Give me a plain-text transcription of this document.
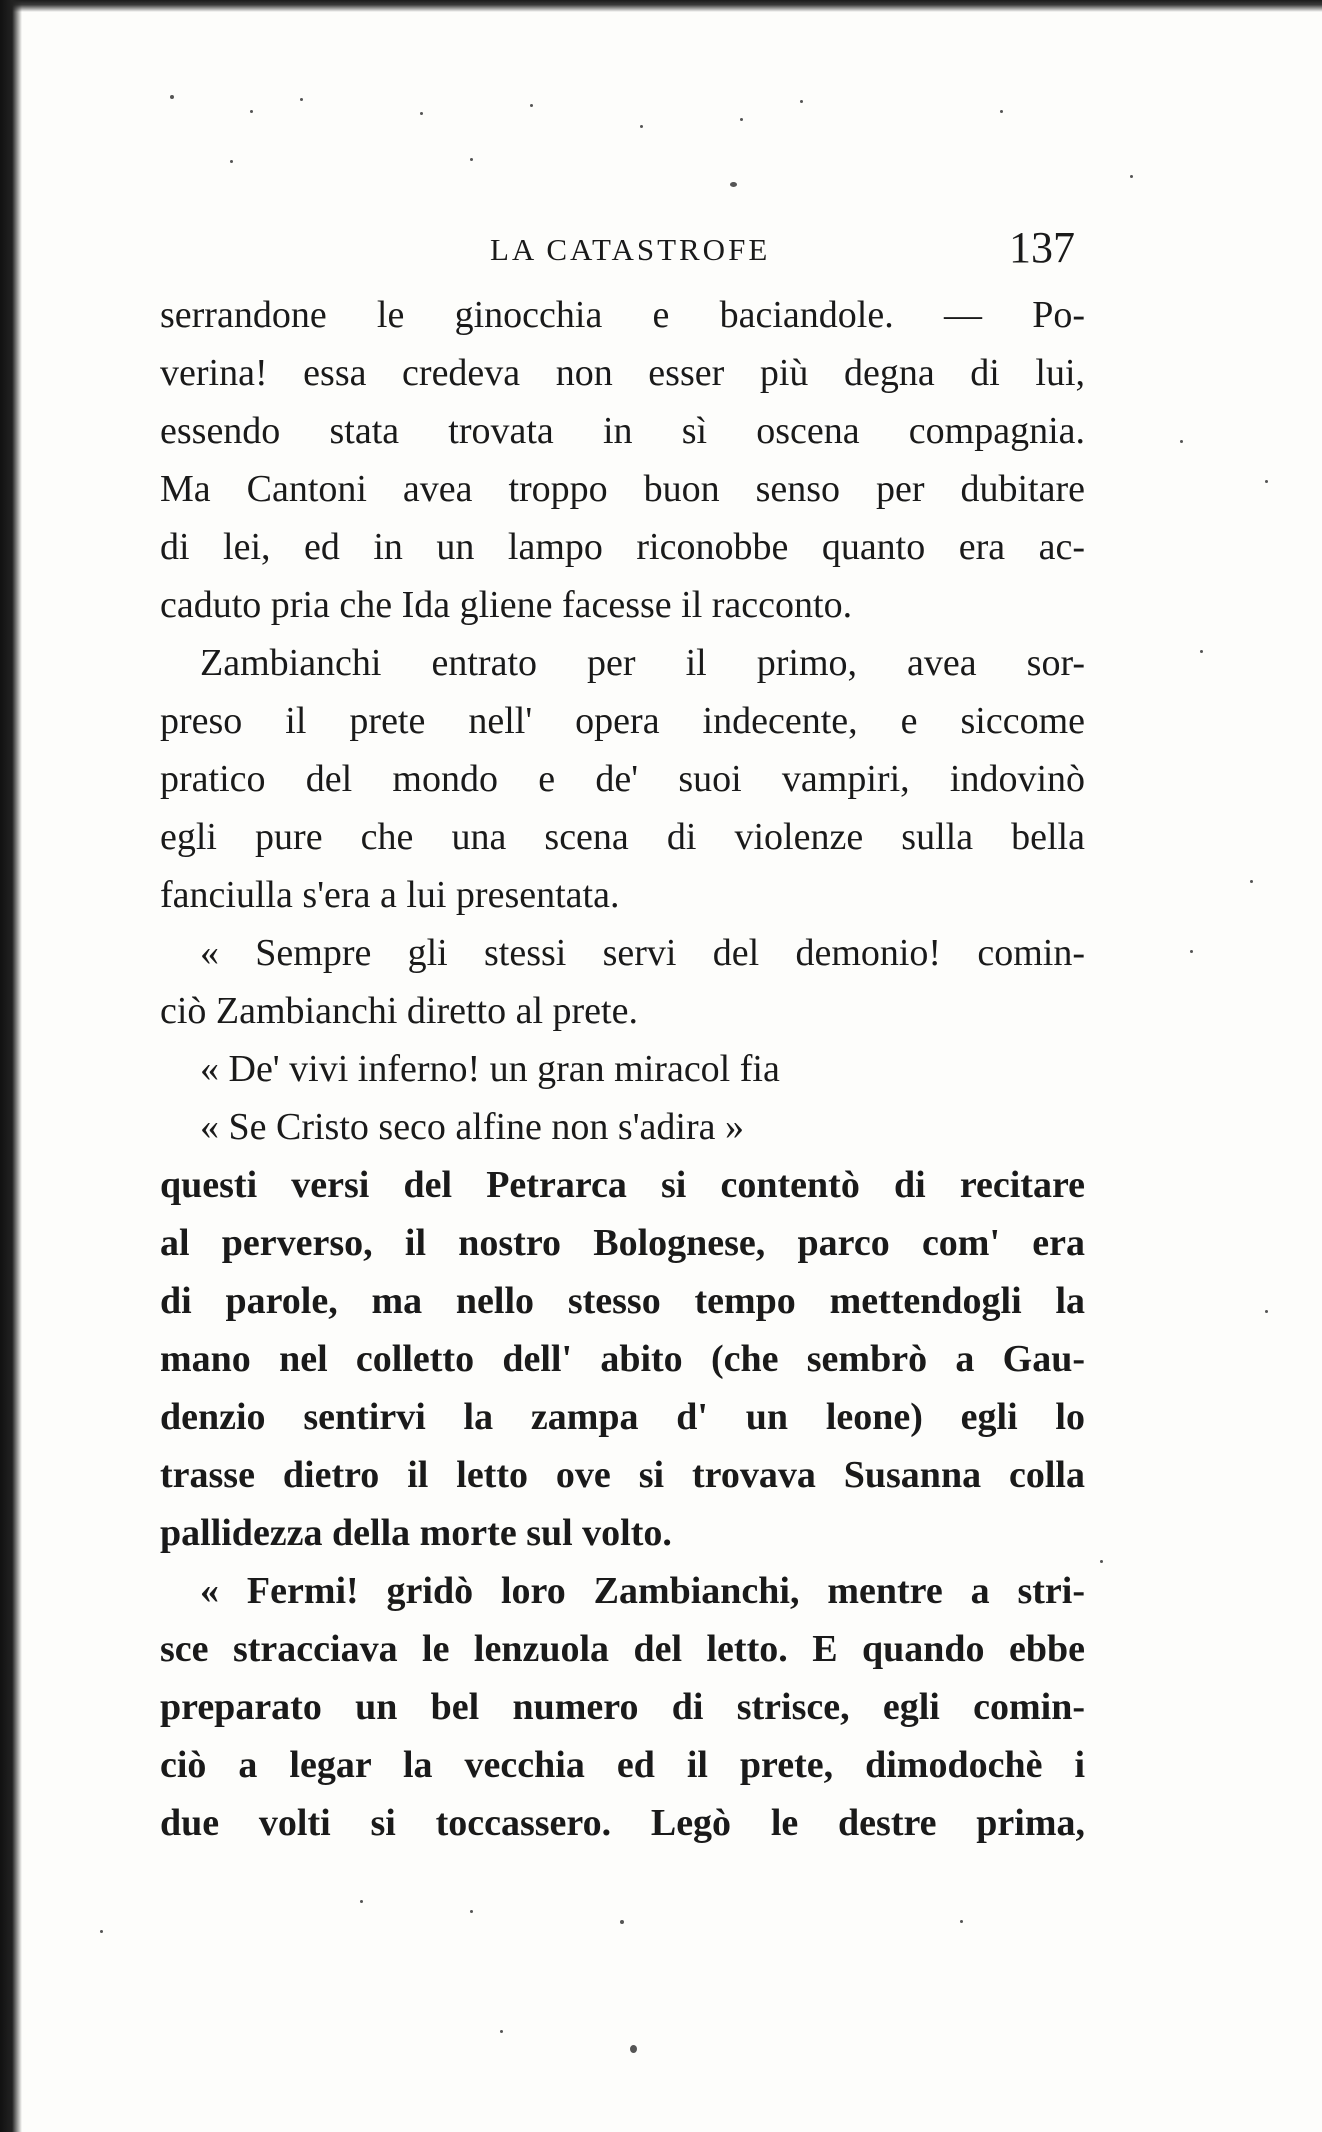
LA CATASTROFE	137
serrandone le ginocchia e baciandole. — Po-
verina! essa credeva non esser più degna di lui,
essendo stata trovata in sì oscena compagnia.
Ma Cantoni avea troppo buon senso per dubitare
di lei, ed in un lampo riconobbe quanto era ac-
caduto pria che Ida gliene facesse il racconto.
Zambianchi entrato per il primo, avea sor-
preso il prete nell' opera indecente, e siccome
pratico del mondo e de' suoi vampiri, indovinò
egli pure che una scena di violenze sulla bella
fanciulla s'era a lui presentata.
« Sempre gli stessi servi del demonio! comin-
ciò Zambianchi diretto al prete.
« De' vivi inferno! un gran miracol fia
« Se Cristo seco alfine non s'adira »
questi versi del Petrarca si contentò di recitare
al perverso, il nostro Bolognese, parco com' era
di parole, ma nello stesso tempo mettendogli la
mano nel colletto dell' abito (che sembrò a Gau-
denzio sentirvi la zampa d' un leone) egli lo
trasse dietro il letto ove si trovava Susanna colla
pallidezza della morte sul volto.
« Fermi! gridò loro Zambianchi, mentre a stri-
sce stracciava le lenzuola del letto. E quando ebbe
preparato un bel numero di strisce, egli comin-
ciò a legar la vecchia ed il prete, dimodochè i
due volti si toccassero. Legò le destre prima,
